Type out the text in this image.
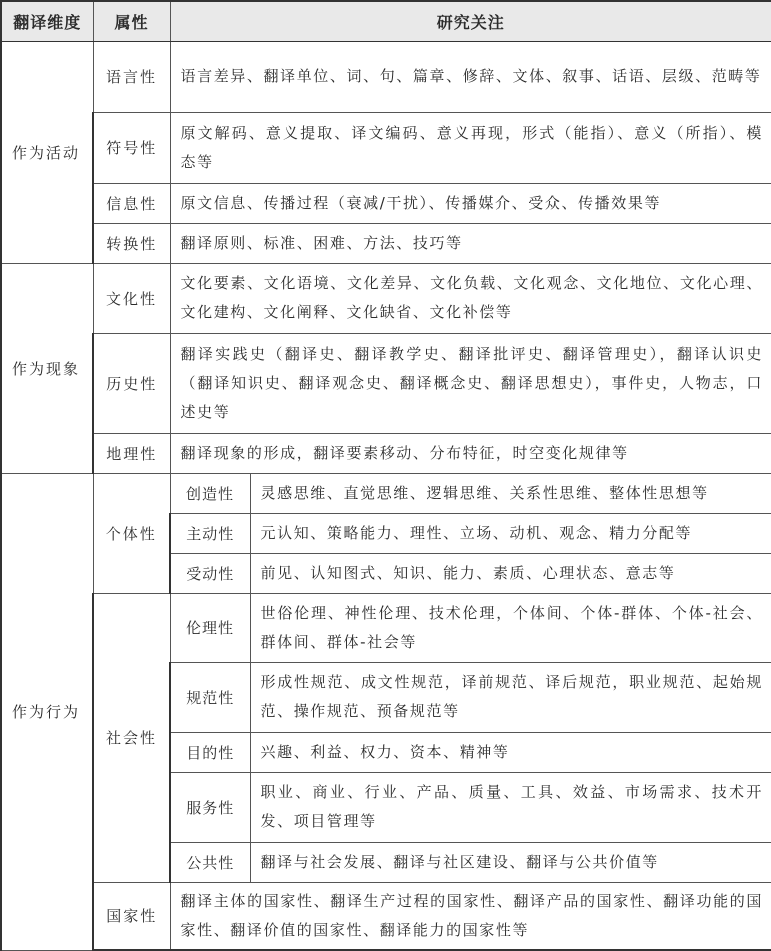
翻译维度	属性	研究关注	
作为活动	语言性	语言差异、翻译单位、词、句、篇章、修辞、文体、叙事、话语、层级、范畴等	
	符号性	原文解码、意义提取、译文编码、意义再现，形式（能指）、意义（所指）、模态等	
	信息性	原文信息、传播过程（衰减/干扰）、传播媒介、受众、传播效果等	
	转换性	翻译原则、标准、困难、方法、技巧等	
作为现象	文化性	文化要素、文化语境、文化差异、文化负载、文化观念、文化地位、文化心理、文化建构、文化阐释、文化缺省、文化补偿等	
	历史性	翻译实践史（翻译史、翻译教学史、翻译批评史、翻译管理史），翻译认识史（翻译知识史、翻译观念史、翻译概念史、翻译思想史），事件史，人物志，口述史等	
	地理性	翻译现象的形成，翻译要素移动、分布特征，时空变化规律等	
作为行为	个体性	创造性	灵感思维、直觉思维、逻辑思维、关系性思维、整体性思想等
		主动性	元认知、策略能力、理性、立场、动机、观念、精力分配等
		受动性	前见、认知图式、知识、能力、素质、心理状态、意志等
	社会性	伦理性	世俗伦理、神性伦理、技术伦理，个体间、个体-群体、个体-社会、群体间、群体-社会等
		规范性	形成性规范、成文性规范，译前规范、译后规范，职业规范、起始规范、操作规范、预备规范等
		目的性	兴趣、利益、权力、资本、精神等
		服务性	职业、商业、行业、产品、质量、工具、效益、市场需求、技术开发、项目管理等
		公共性	翻译与社会发展、翻译与社区建设、翻译与公共价值等
	国家性	翻译主体的国家性、翻译生产过程的国家性、翻译产品的国家性、翻译功能的国家性、翻译价值的国家性、翻译能力的国家性等	
